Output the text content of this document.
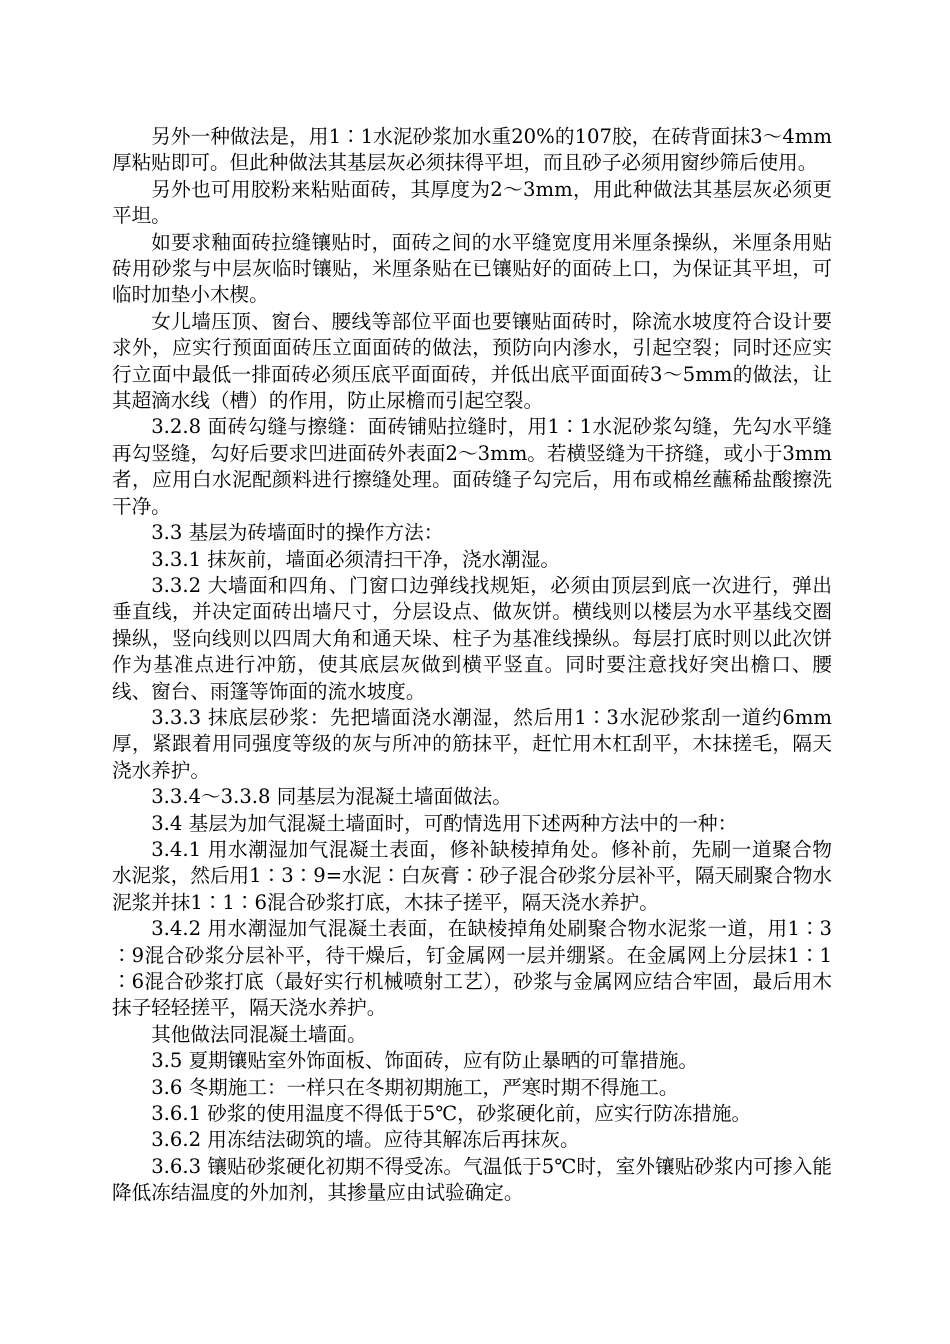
另外一种做法是，用1∶1水泥砂浆加水重20%的107胶，在砖背面抹3～4mm厚粘贴即可。但此种做法其基层灰必须抹得平坦，而且砂子必须用窗纱筛后使用。

另外也可用胶粉来粘贴面砖，其厚度为2～3mm，用此种做法其基层灰必须更平坦。

如要求釉面砖拉缝镶贴时，面砖之间的水平缝宽度用米厘条操纵，米厘条用贴砖用砂浆与中层灰临时镶贴，米厘条贴在已镶贴好的面砖上口，为保证其平坦，可临时加垫小木楔。

女儿墙压顶、窗台、腰线等部位平面也要镶贴面砖时，除流水坡度符合设计要求外，应实行预面面砖压立面面砖的做法，预防向内渗水，引起空裂；同时还应实行立面中最低一排面砖必须压底平面面砖，并低出底平面面砖3～5mm的做法，让其超滴水线（槽）的作用，防止尿檐而引起空裂。

3.2.8 面砖勾缝与擦缝：面砖铺贴拉缝时，用1∶1水泥砂浆勾缝，先勾水平缝再勾竖缝，勾好后要求凹进面砖外表面2～3mm。若横竖缝为干挤缝，或小于3mm者，应用白水泥配颜料进行擦缝处理。面砖缝子勾完后，用布或棉丝蘸稀盐酸擦洗干净。

3.3 基层为砖墙面时的操作方法：

3.3.1 抹灰前，墙面必须清扫干净，浇水潮湿。

3.3.2 大墙面和四角、门窗口边弹线找规矩，必须由顶层到底一次进行，弹出垂直线，并决定面砖出墙尺寸，分层设点、做灰饼。横线则以楼层为水平基线交圈操纵，竖向线则以四周大角和通天垛、柱子为基准线操纵。每层打底时则以此次饼作为基准点进行冲筋，使其底层灰做到横平竖直。同时要注意找好突出檐口、腰线、窗台、雨篷等饰面的流水坡度。

3.3.3 抹底层砂浆：先把墙面浇水潮湿，然后用1∶3水泥砂浆刮一道约6mm厚，紧跟着用同强度等级的灰与所冲的筋抹平，赶忙用木杠刮平，木抹搓毛，隔天浇水养护。

3.3.4～3.3.8 同基层为混凝土墙面做法。

3.4 基层为加气混凝土墙面时，可酌情选用下述两种方法中的一种：

3.4.1 用水潮湿加气混凝土表面，修补缺棱掉角处。修补前，先刷一道聚合物水泥浆，然后用1∶3∶9=水泥∶白灰膏∶砂子混合砂浆分层补平，隔天刷聚合物水泥浆并抹1∶1∶6混合砂浆打底，木抹子搓平，隔天浇水养护。

3.4.2 用水潮湿加气混凝土表面，在缺棱掉角处刷聚合物水泥浆一道，用1∶3∶9混合砂浆分层补平，待干燥后，钉金属网一层并绷紧。在金属网上分层抹1∶1∶6混合砂浆打底（最好实行机械喷射工艺），砂浆与金属网应结合牢固，最后用木抹子轻轻搓平，隔天浇水养护。

其他做法同混凝土墙面。

3.5 夏期镶贴室外饰面板、饰面砖，应有防止暴晒的可靠措施。

3.6 冬期施工：一样只在冬期初期施工，严寒时期不得施工。

3.6.1 砂浆的使用温度不得低于5℃，砂浆硬化前，应实行防冻措施。

3.6.2 用冻结法砌筑的墙。应待其解冻后再抹灰。

3.6.3 镶贴砂浆硬化初期不得受冻。气温低于5℃时，室外镶贴砂浆内可掺入能降低冻结温度的外加剂，其掺量应由试验确定。
